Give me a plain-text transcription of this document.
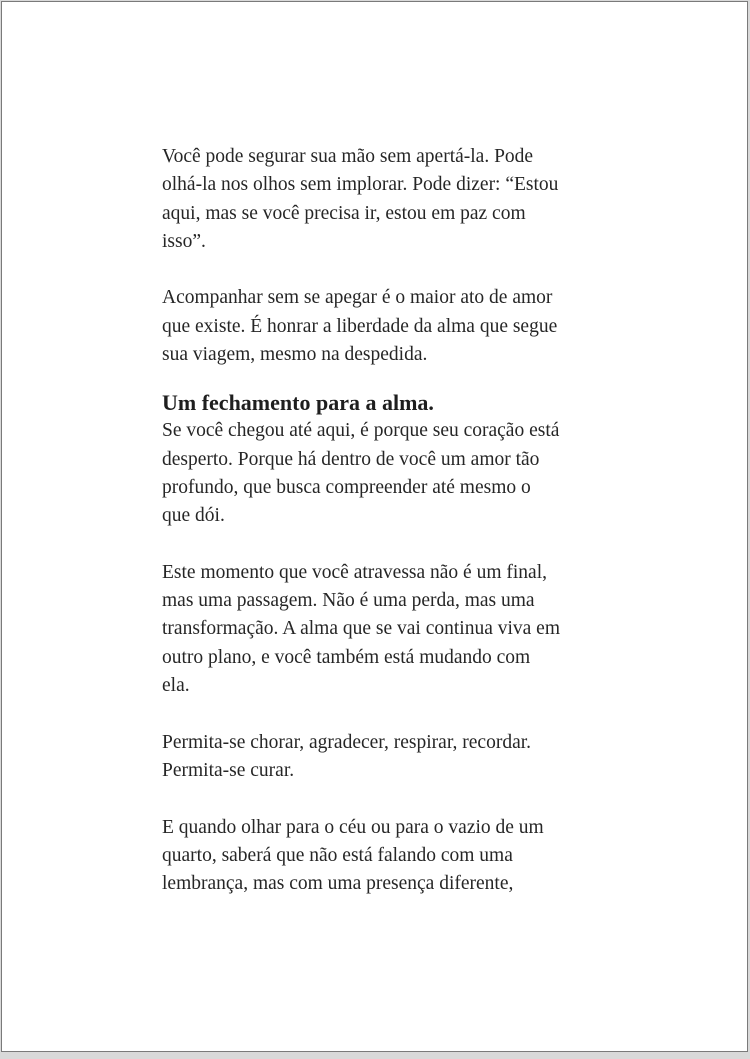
Você pode segurar sua mão sem apertá-la. Pode
olhá-la nos olhos sem implorar. Pode dizer: “Estou
aqui, mas se você precisa ir, estou em paz com
isso”.

Acompanhar sem se apegar é o maior ato de amor
que existe. É honrar a liberdade da alma que segue
sua viagem, mesmo na despedida.

Um fechamento para a alma.

Se você chegou até aqui, é porque seu coração está
desperto. Porque há dentro de você um amor tão
profundo, que busca compreender até mesmo o
que dói.

Este momento que você atravessa não é um final,
mas uma passagem. Não é uma perda, mas uma
transformação. A alma que se vai continua viva em
outro plano, e você também está mudando com
ela.

Permita-se chorar, agradecer, respirar, recordar.
Permita-se curar.

E quando olhar para o céu ou para o vazio de um
quarto, saberá que não está falando com uma
lembrança, mas com uma presença diferente,
